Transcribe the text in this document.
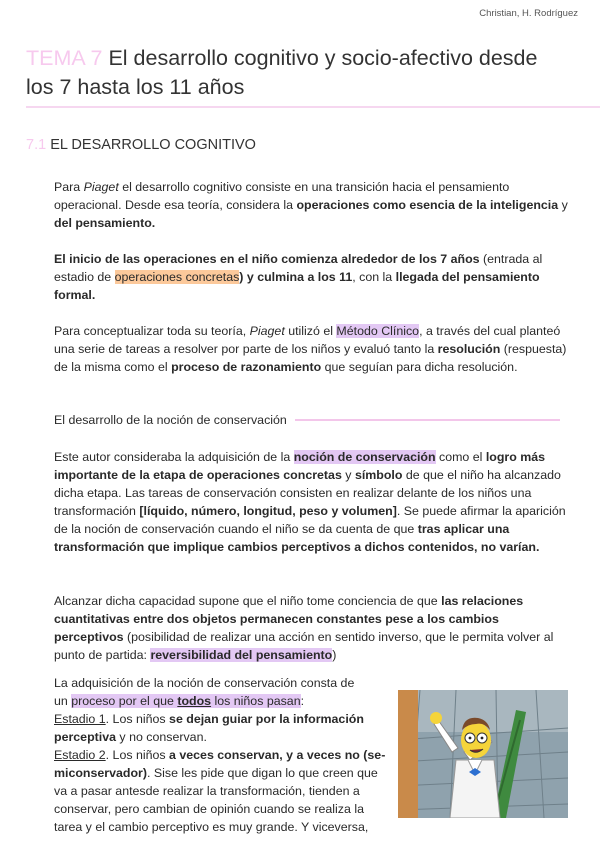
Christian, H. Rodríguez
TEMA 7 El desarrollo cognitivo y socio-afectivo desde los 7 hasta los 11 años
7.1 EL DESARROLLO COGNITIVO

Para Piaget el desarrollo cognitivo consiste en una transición hacia el pensamiento operacional. Desde esa teoría, considera la operaciones como esencia de la inteligencia y del pensamiento.

El inicio de las operaciones en el niño comienza alrededor de los 7 años (entrada al estadio de operaciones concretas) y culmina a los 11, con la llegada del pensamiento formal.

Para conceptualizar toda su teoría, Piaget utilizó el Método Clínico, a través del cual planteó una serie de tareas a resolver por parte de los niños y evaluó tanto la resolución (respuesta) de la misma como el proceso de razonamiento que seguían para dicha resolución.

El desarrollo de la noción de conservación

Este autor consideraba la adquisición de la noción de conservación como el logro más importante de la etapa de operaciones concretas y símbolo de que el niño ha alcanzado dicha etapa. Las tareas de conservación consisten en realizar delante de los niños una transformación [líquido, número, longitud, peso y volumen]. Se puede afirmar la aparición de la noción de conservación cuando el niño se da cuenta de que tras aplicar una transformación que implique cambios perceptivos a dichos contenidos, no varían.

Alcanzar dicha capacidad supone que el niño tome conciencia de que las relaciones cuantitativas entre dos objetos permanecen constantes pese a los cambios perceptivos (posibilidad de realizar una acción en sentido inverso, que le permita volver al punto de partida: reversibilidad del pensamiento)

La adquisición de la noción de conservación consta de
un proceso por el que todos los niños pasan:
Estadio 1. Los niños se dejan guiar por la información
perceptiva y no conservan.
Estadio 2. Los niños a veces conservan, y a veces no (se-
miconservador). Sise les pide que digan lo que creen que
va a pasar antesde realizar la transformación, tienden a
conservar, pero cambian de opinión cuando se realiza la
tarea y el cambio perceptivo es muy grande. Y viceversa,
